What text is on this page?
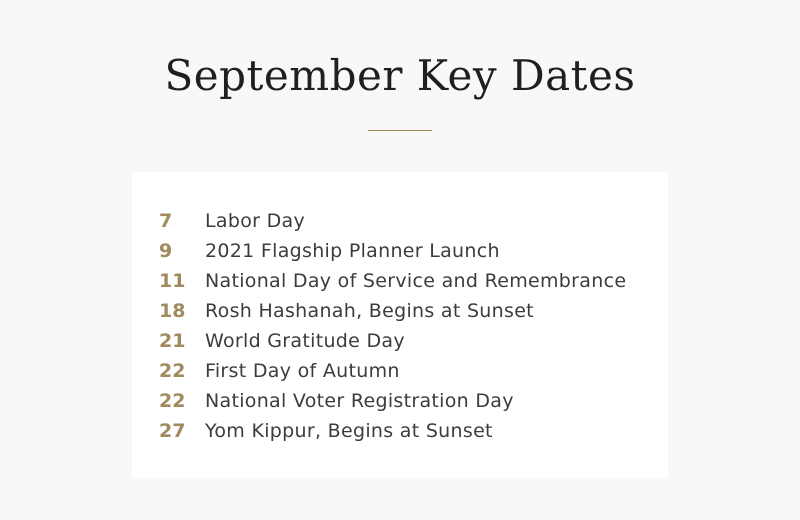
September Key Dates
7	Labor Day
9	2021 Flagship Planner Launch
11	National Day of Service and Remembrance
18	Rosh Hashanah, Begins at Sunset
21	World Gratitude Day
22	First Day of Autumn
22	National Voter Registration Day
27	Yom Kippur, Begins at Sunset
